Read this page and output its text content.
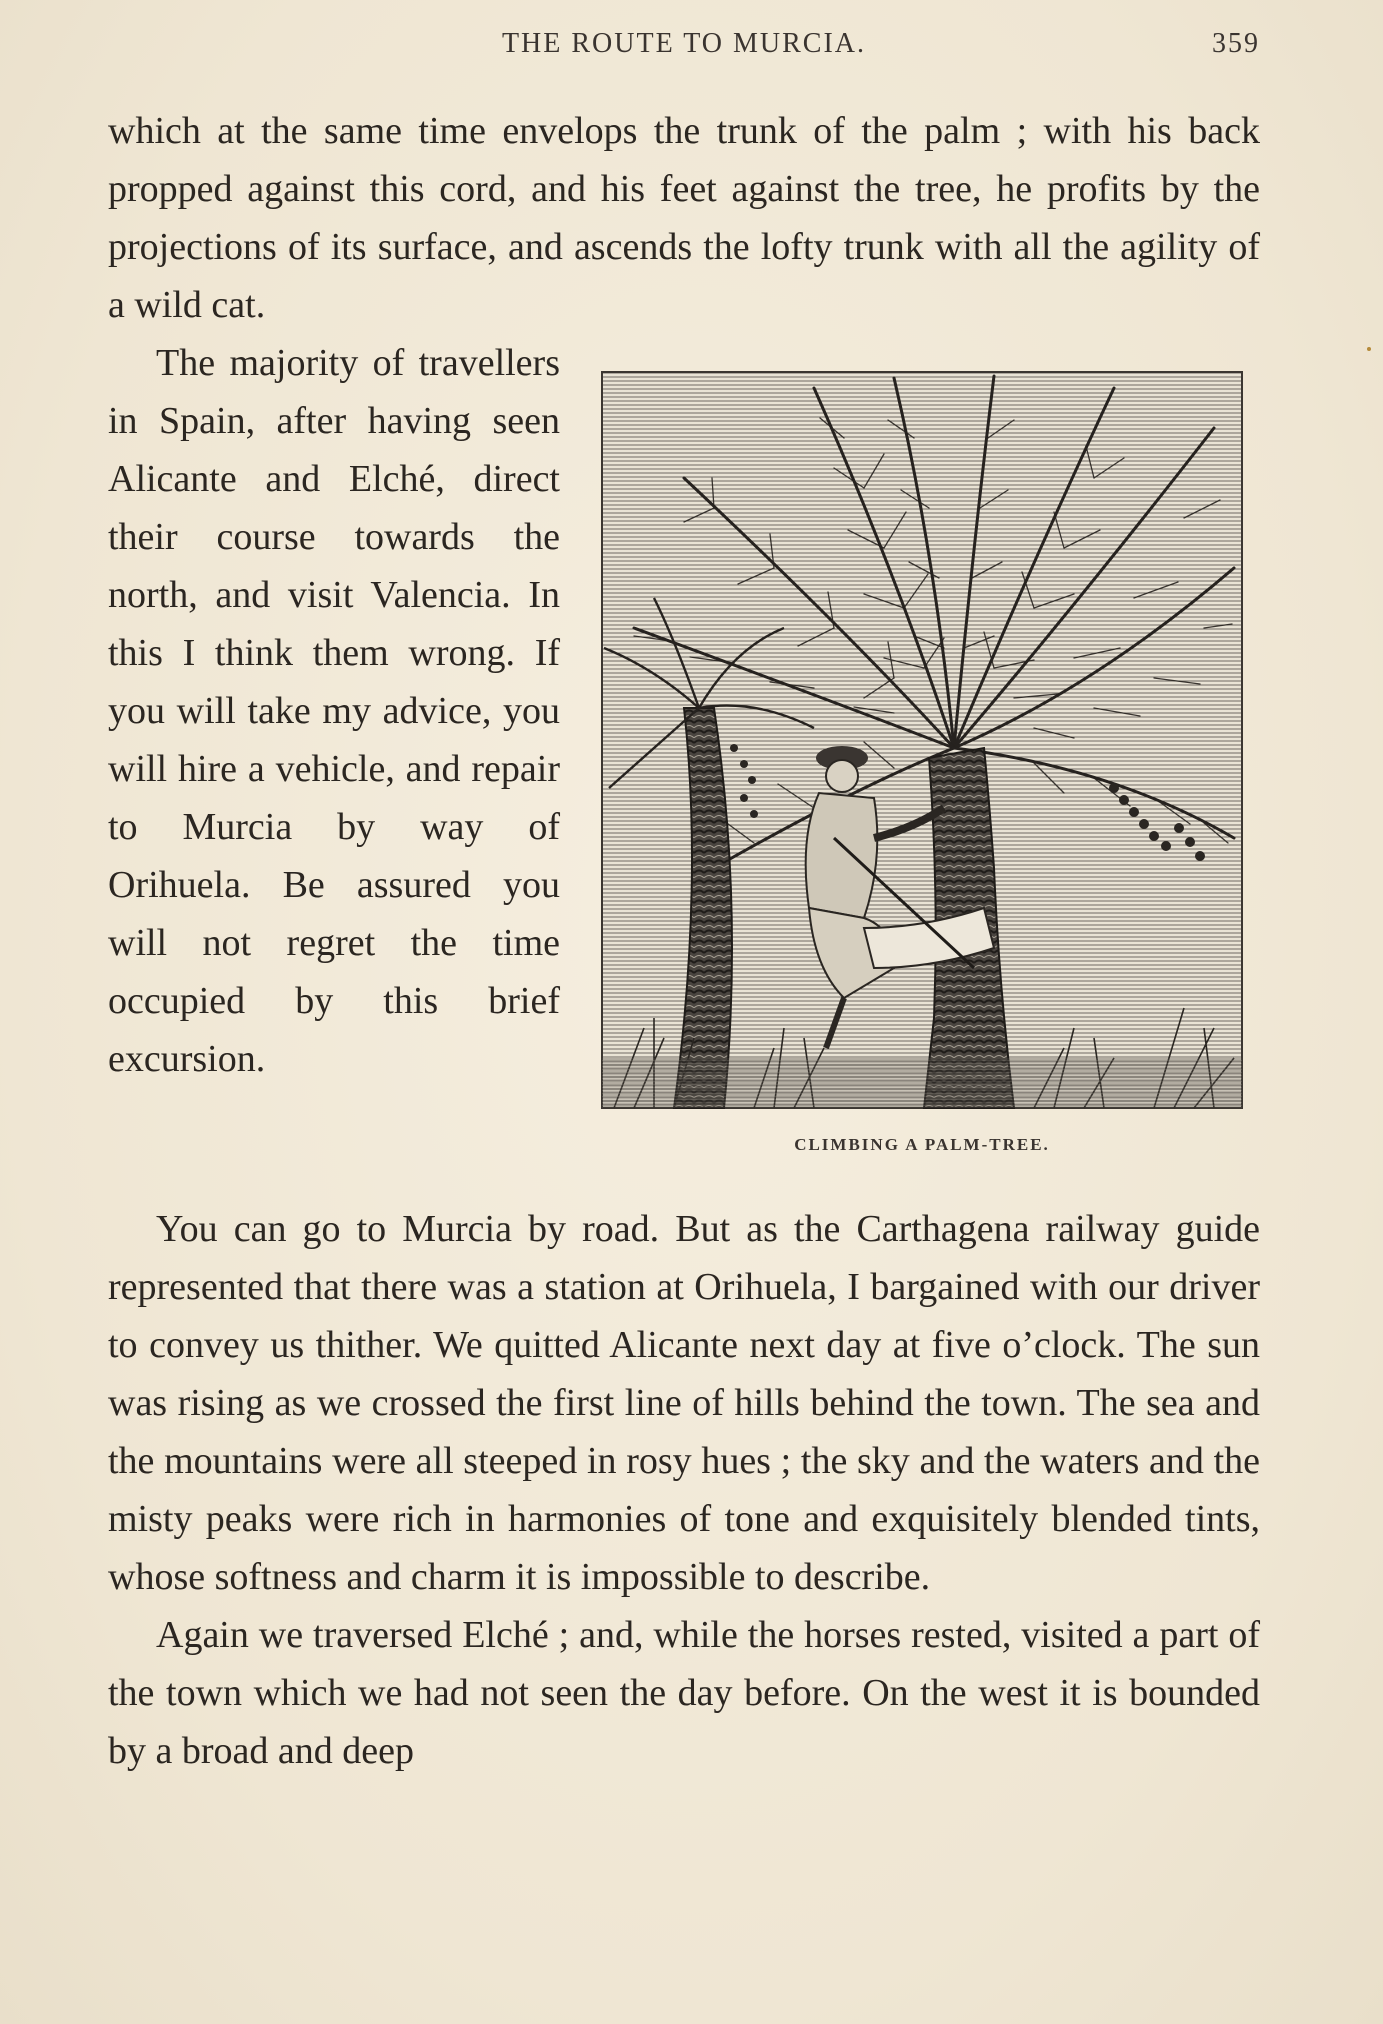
THE ROUTE TO MURCIA.	359

which at the same time envelops the trunk of the palm ; with his back propped against this cord, and his feet against the tree, he profits by the projections of its surface, and ascends the lofty trunk with all the agility of a wild cat.

The majority of travellers in Spain, after having seen Alicante and Elché, direct their course towards the north, and visit Valencia. In this I think them wrong. If you will take my advice, you will hire a vehicle, and repair to Murcia by way of Orihuela. Be assured you will not regret the time occupied by this brief excursion.

CLIMBING A PALM-TREE.

You can go to Murcia by road. But as the Carthagena railway guide represented that there was a station at Orihuela, I bargained with our driver to convey us thither. We quitted Alicante next day at five o’clock. The sun was rising as we crossed the first line of hills behind the town. The sea and the mountains were all steeped in rosy hues ; the sky and the waters and the misty peaks were rich in harmonies of tone and exquisitely blended tints, whose softness and charm it is impossible to describe.

Again we traversed Elché ; and, while the horses rested, visited a part of the town which we had not seen the day before. On the west it is bounded by a broad and deep
